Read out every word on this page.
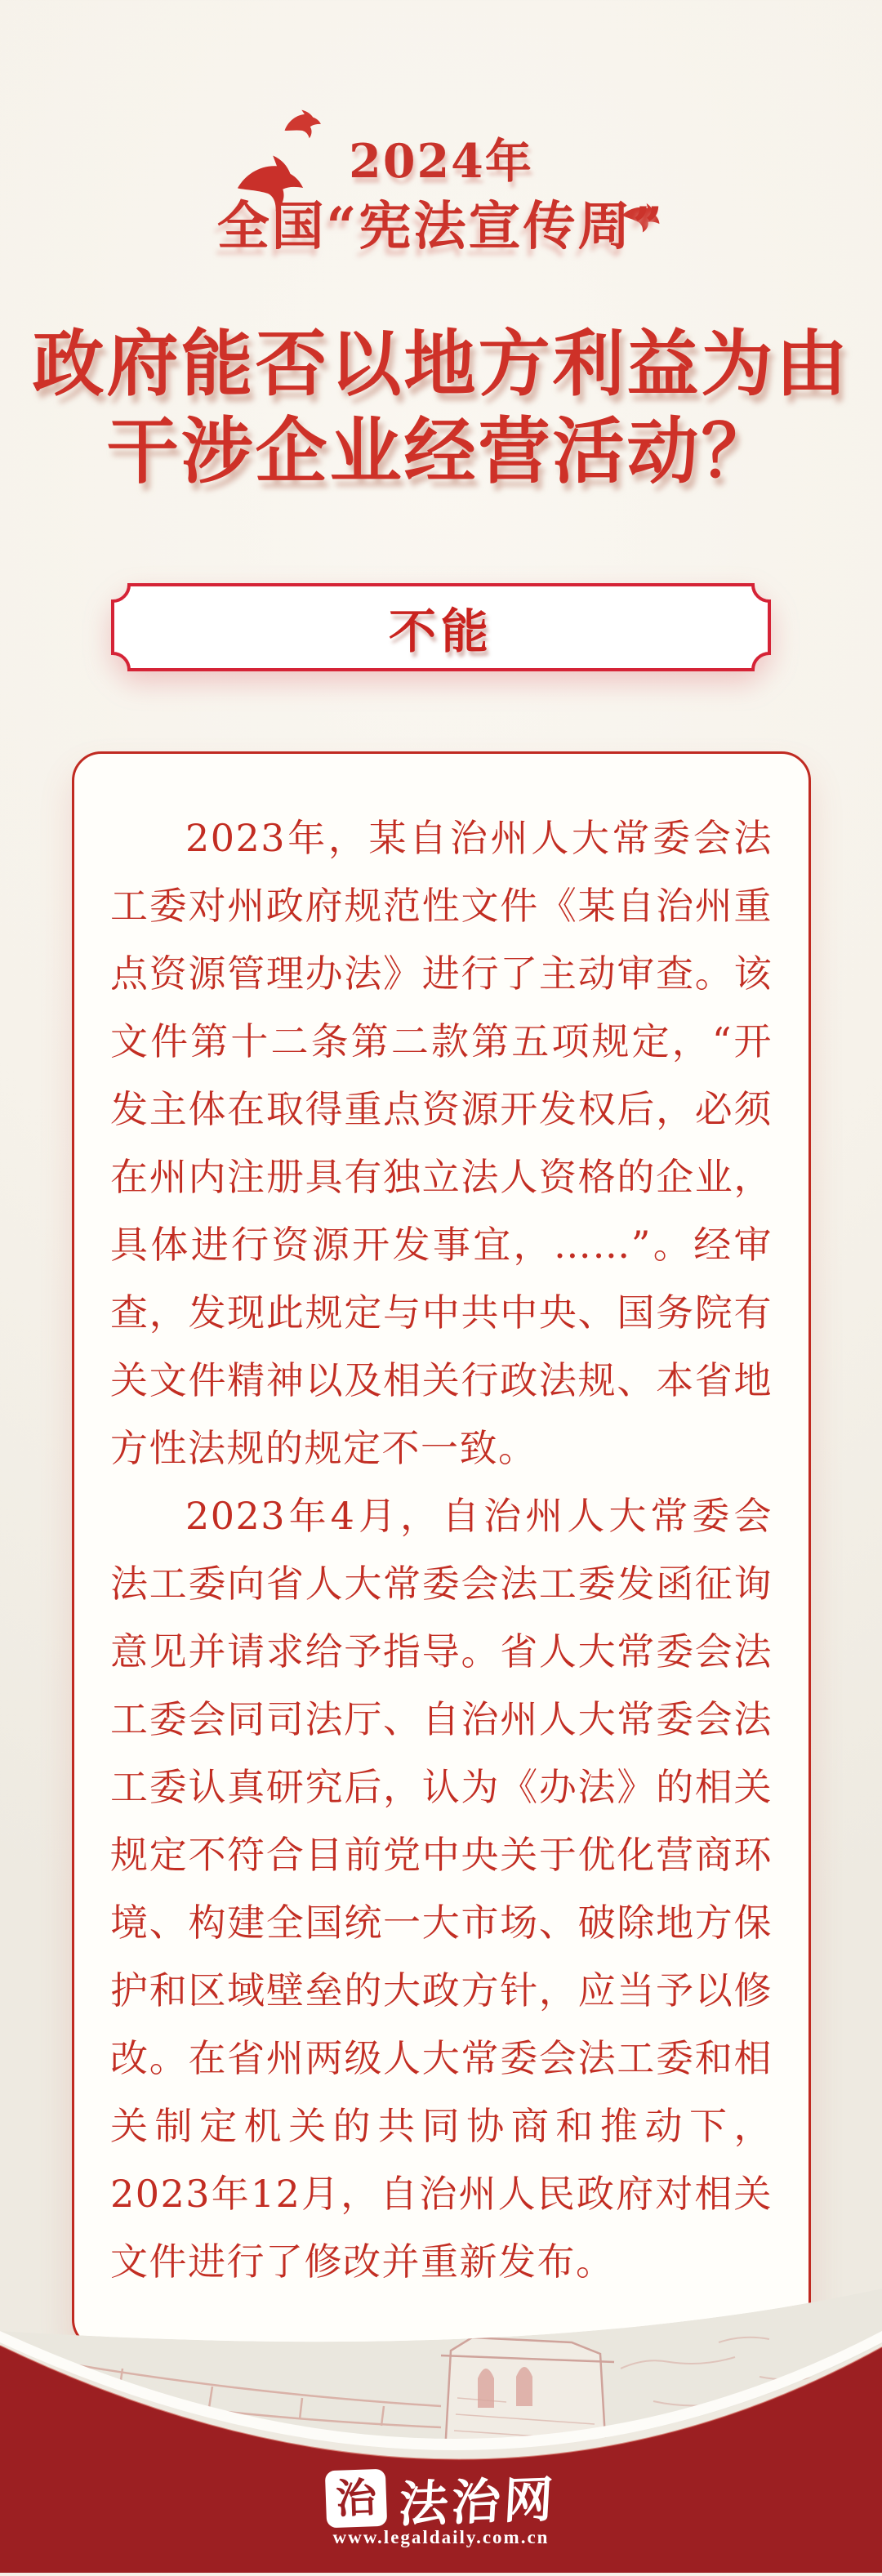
2024年
全国“宪法宣传周”
政府能否以地方利益为由
干涉企业经营活动？
不能

2023年，某自治州人大常委会法工委对州政府规范性文件《某自治州重点资源管理办法》进行了主动审查。该文件第十二条第二款第五项规定，“开发主体在取得重点资源开发权后，必须在州内注册具有独立法人资格的企业，具体进行资源开发事宜，……”。经审查，发现此规定与中共中央、国务院有关文件精神以及相关行政法规、本省地方性法规的规定不一致。

2023年4月，自治州人大常委会法工委向省人大常委会法工委发函征询意见并请求给予指导。省人大常委会法工委会同司法厅、自治州人大常委会法工委认真研究后，认为《办法》的相关规定不符合目前党中央关于优化营商环境、构建全国统一大市场、破除地方保护和区域壁垒的大政方针，应当予以修改。在省州两级人大常委会法工委和相关制定机关的共同协商和推动下，2023年12月，自治州人民政府对相关文件进行了修改并重新发布。

治 法治网
www.legaldaily.com.cn
